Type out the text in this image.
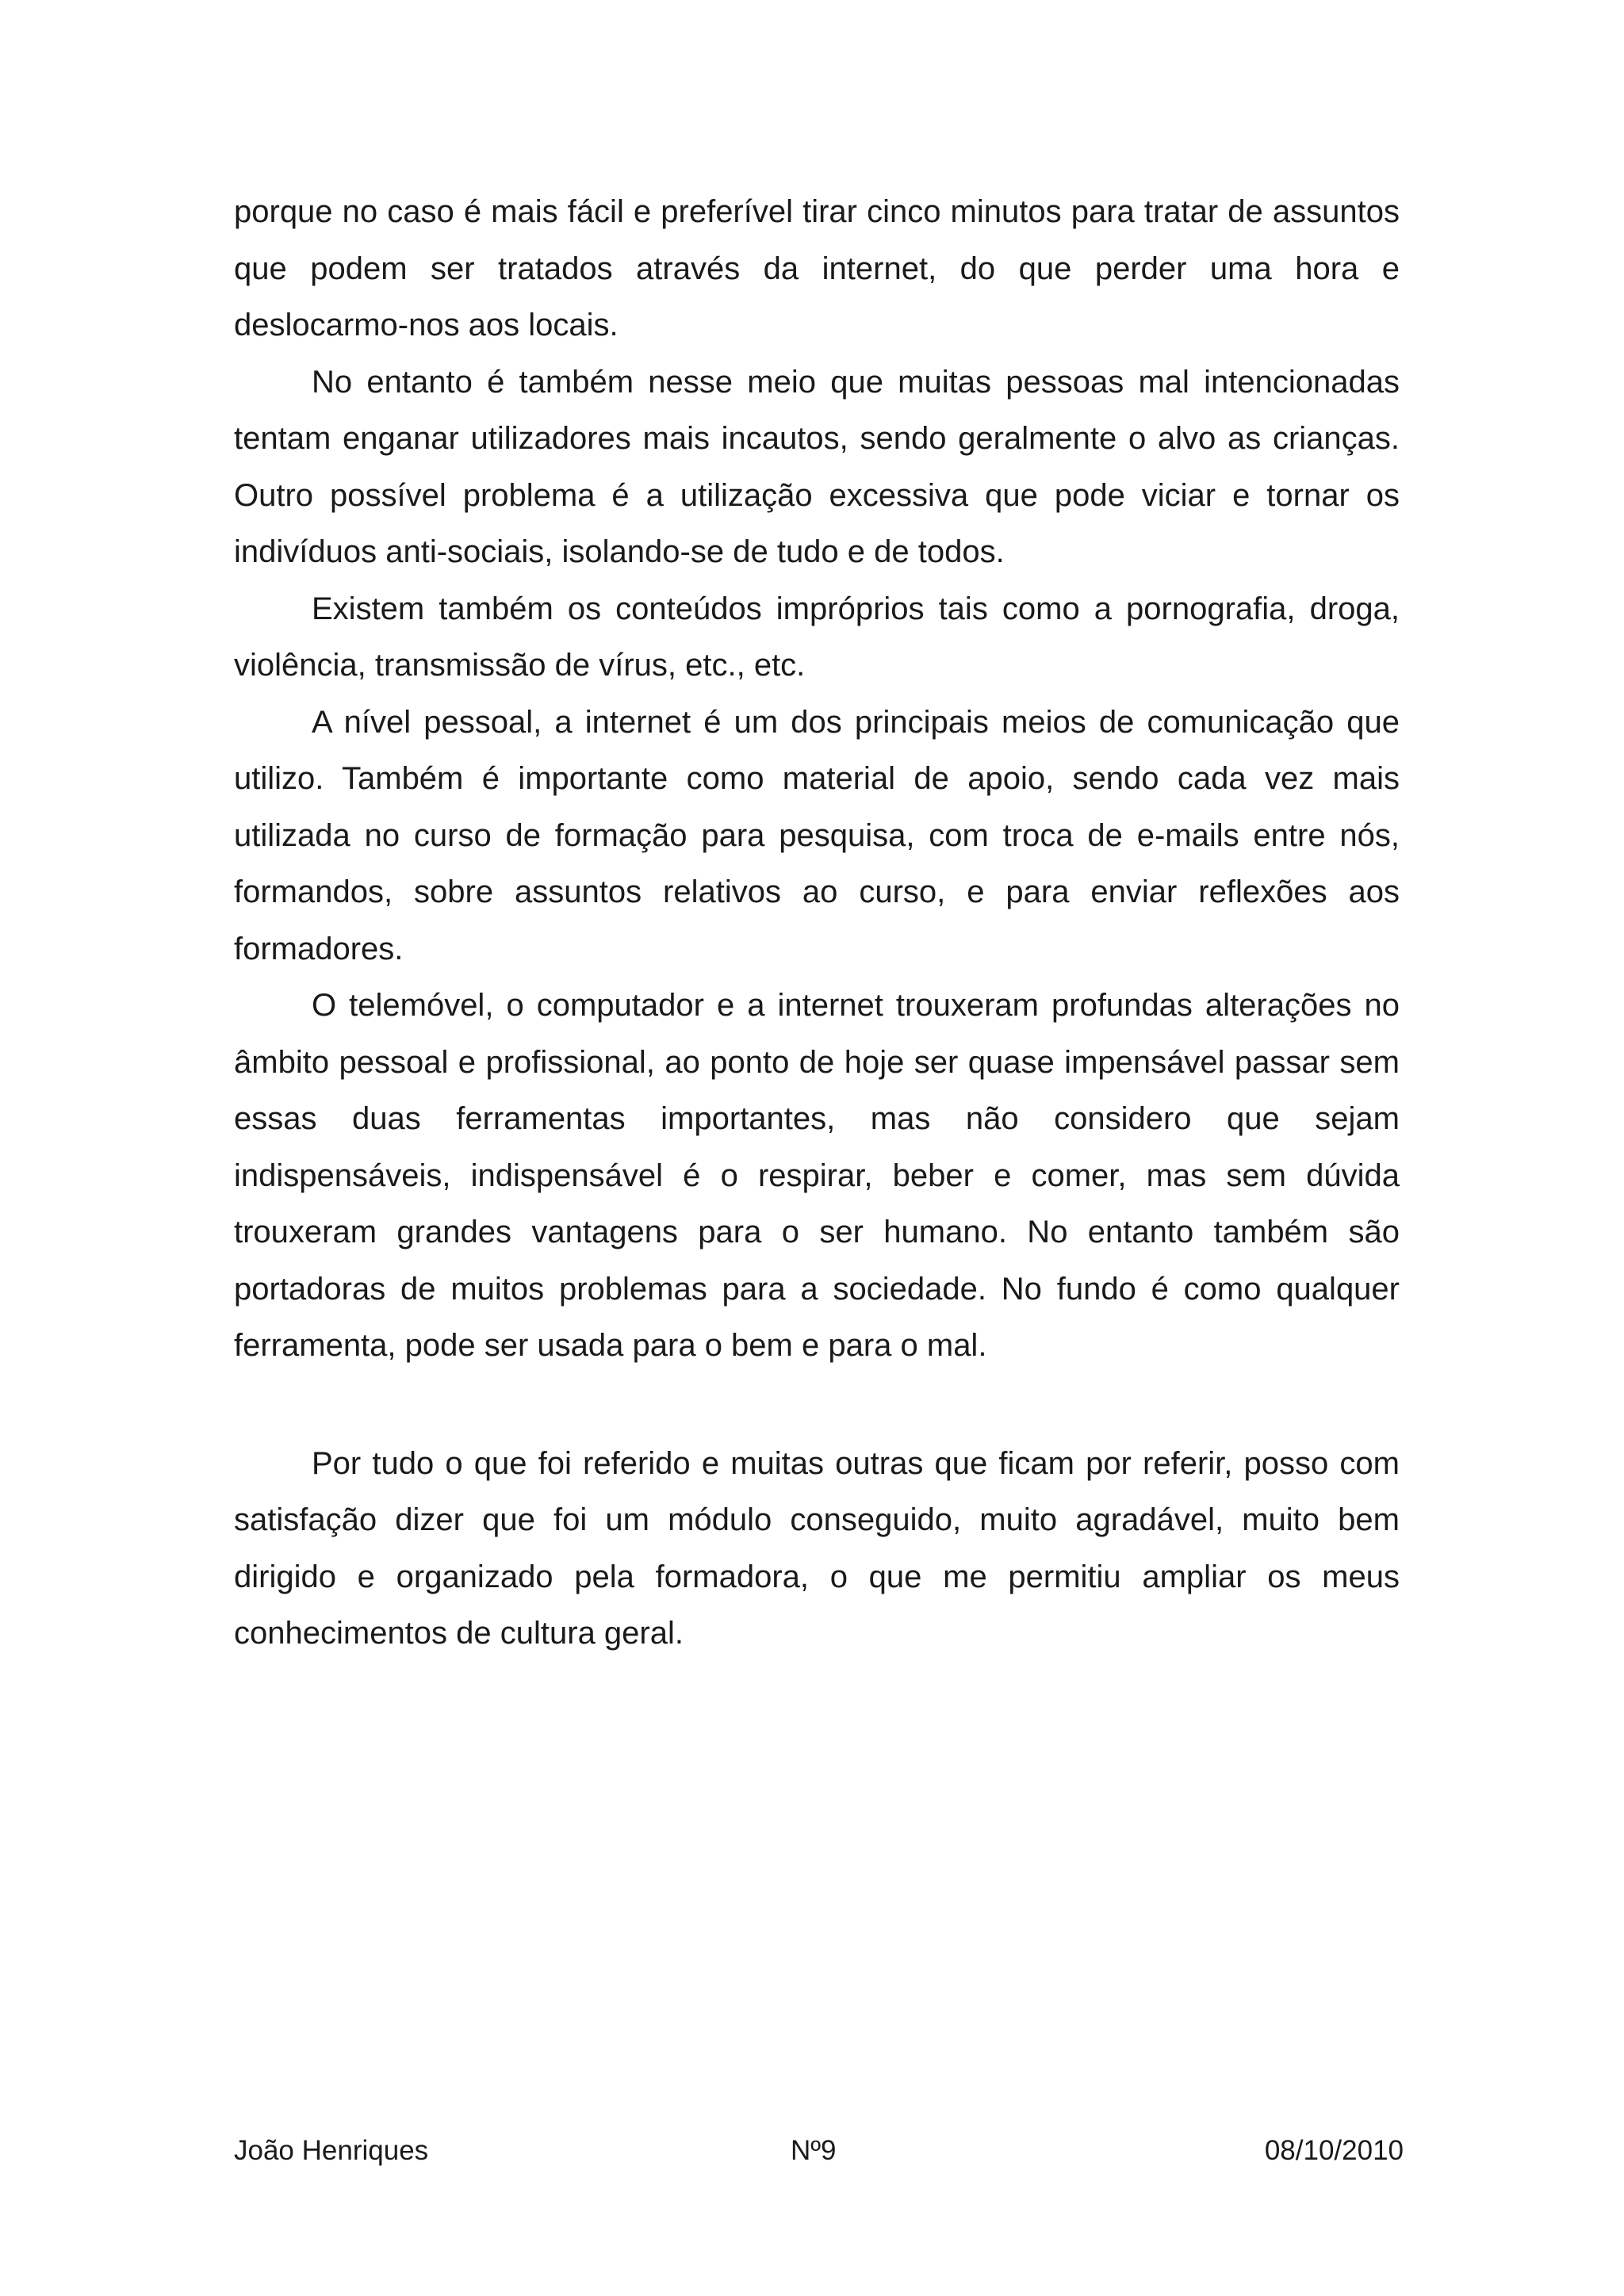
porque no caso é mais fácil e preferível tirar cinco minutos para tratar de assuntos que podem ser tratados através da internet, do que perder uma hora e deslocarmo-nos aos locais.

No entanto é também nesse meio que muitas pessoas mal intencionadas tentam enganar utilizadores mais incautos, sendo geralmente o alvo as crianças. Outro possível problema é a utilização excessiva que pode viciar e tornar os indivíduos anti-sociais, isolando-se de tudo e de todos.

Existem também os conteúdos impróprios tais como a pornografia, droga, violência, transmissão de vírus, etc., etc.

A nível pessoal, a internet é um dos principais meios de comunicação que utilizo. Também é importante como material de apoio, sendo cada vez mais utilizada no curso de formação para pesquisa, com troca de e-mails entre nós, formandos, sobre assuntos relativos ao curso, e para enviar reflexões aos formadores.

O telemóvel, o computador e a internet trouxeram profundas alterações no âmbito pessoal e profissional, ao ponto de hoje ser quase impensável passar sem essas duas ferramentas importantes, mas não considero que sejam indispensáveis, indispensável é o respirar, beber e comer, mas sem dúvida trouxeram grandes vantagens para o ser humano. No entanto também são portadoras de muitos problemas para a sociedade. No fundo é como qualquer ferramenta, pode ser usada para o bem e para o mal.

Por tudo o que foi referido e muitas outras que ficam por referir, posso com satisfação dizer que foi um módulo conseguido, muito agradável, muito bem dirigido e organizado pela formadora, o que me permitiu ampliar os meus conhecimentos de cultura geral.

João Henriques	Nº9	08/10/2010
